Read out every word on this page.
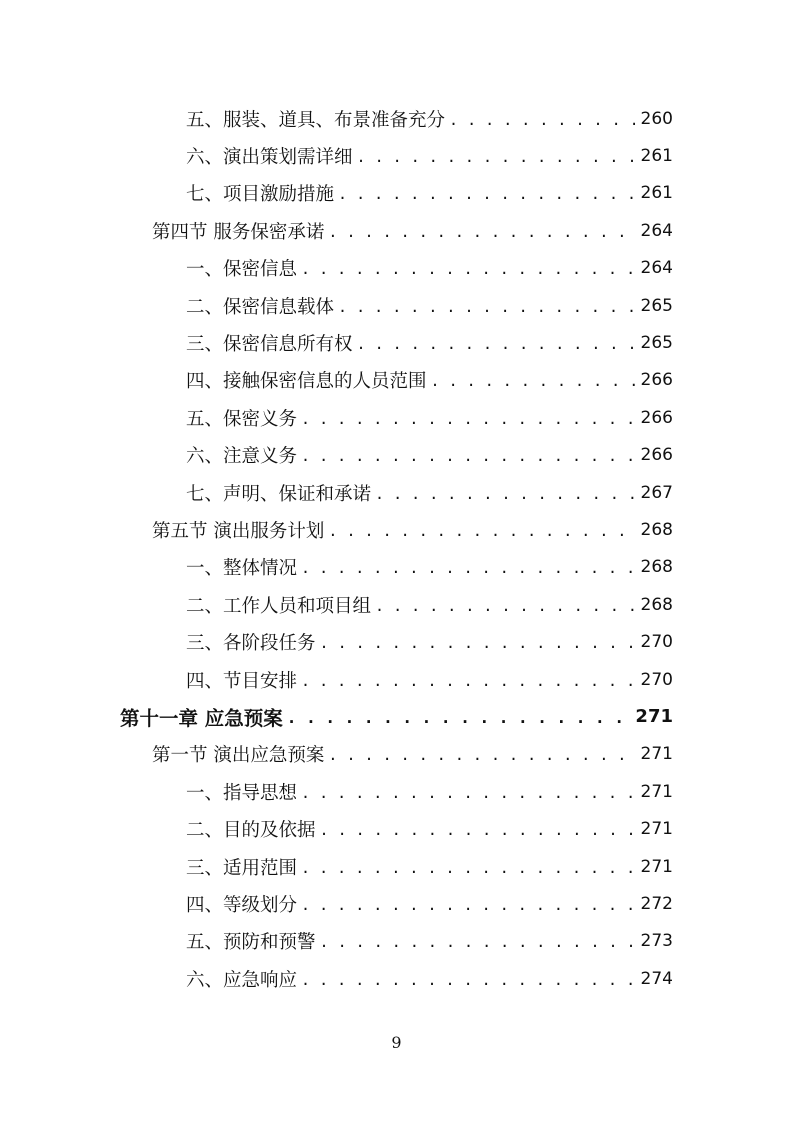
五、服装、道具、布景准备充分 . . .	260
六、演出策划需详细 . . .	261
七、项目激励措施 . . .	261
第四节 服务保密承诺 . . .	264
一、保密信息 . . .	264
二、保密信息载体 . . .	265
三、保密信息所有权 . . .	265
四、接触保密信息的人员范围 . . .	266
五、保密义务 . . .	266
六、注意义务 . . .	266
七、声明、保证和承诺 . . .	267
第五节 演出服务计划 . . .	268
一、整体情况 . . .	268
二、工作人员和项目组 . . .	268
三、各阶段任务 . . .	270
四、节目安排 . . .	270
第十一章 应急预案 . . .	271
第一节 演出应急预案 . . .	271
一、指导思想 . . .	271
二、目的及依据 . . .	271
三、适用范围 . . .	271
四、等级划分 . . .	272
五、预防和预警 . . .	273
六、应急响应 . . .	274
9
